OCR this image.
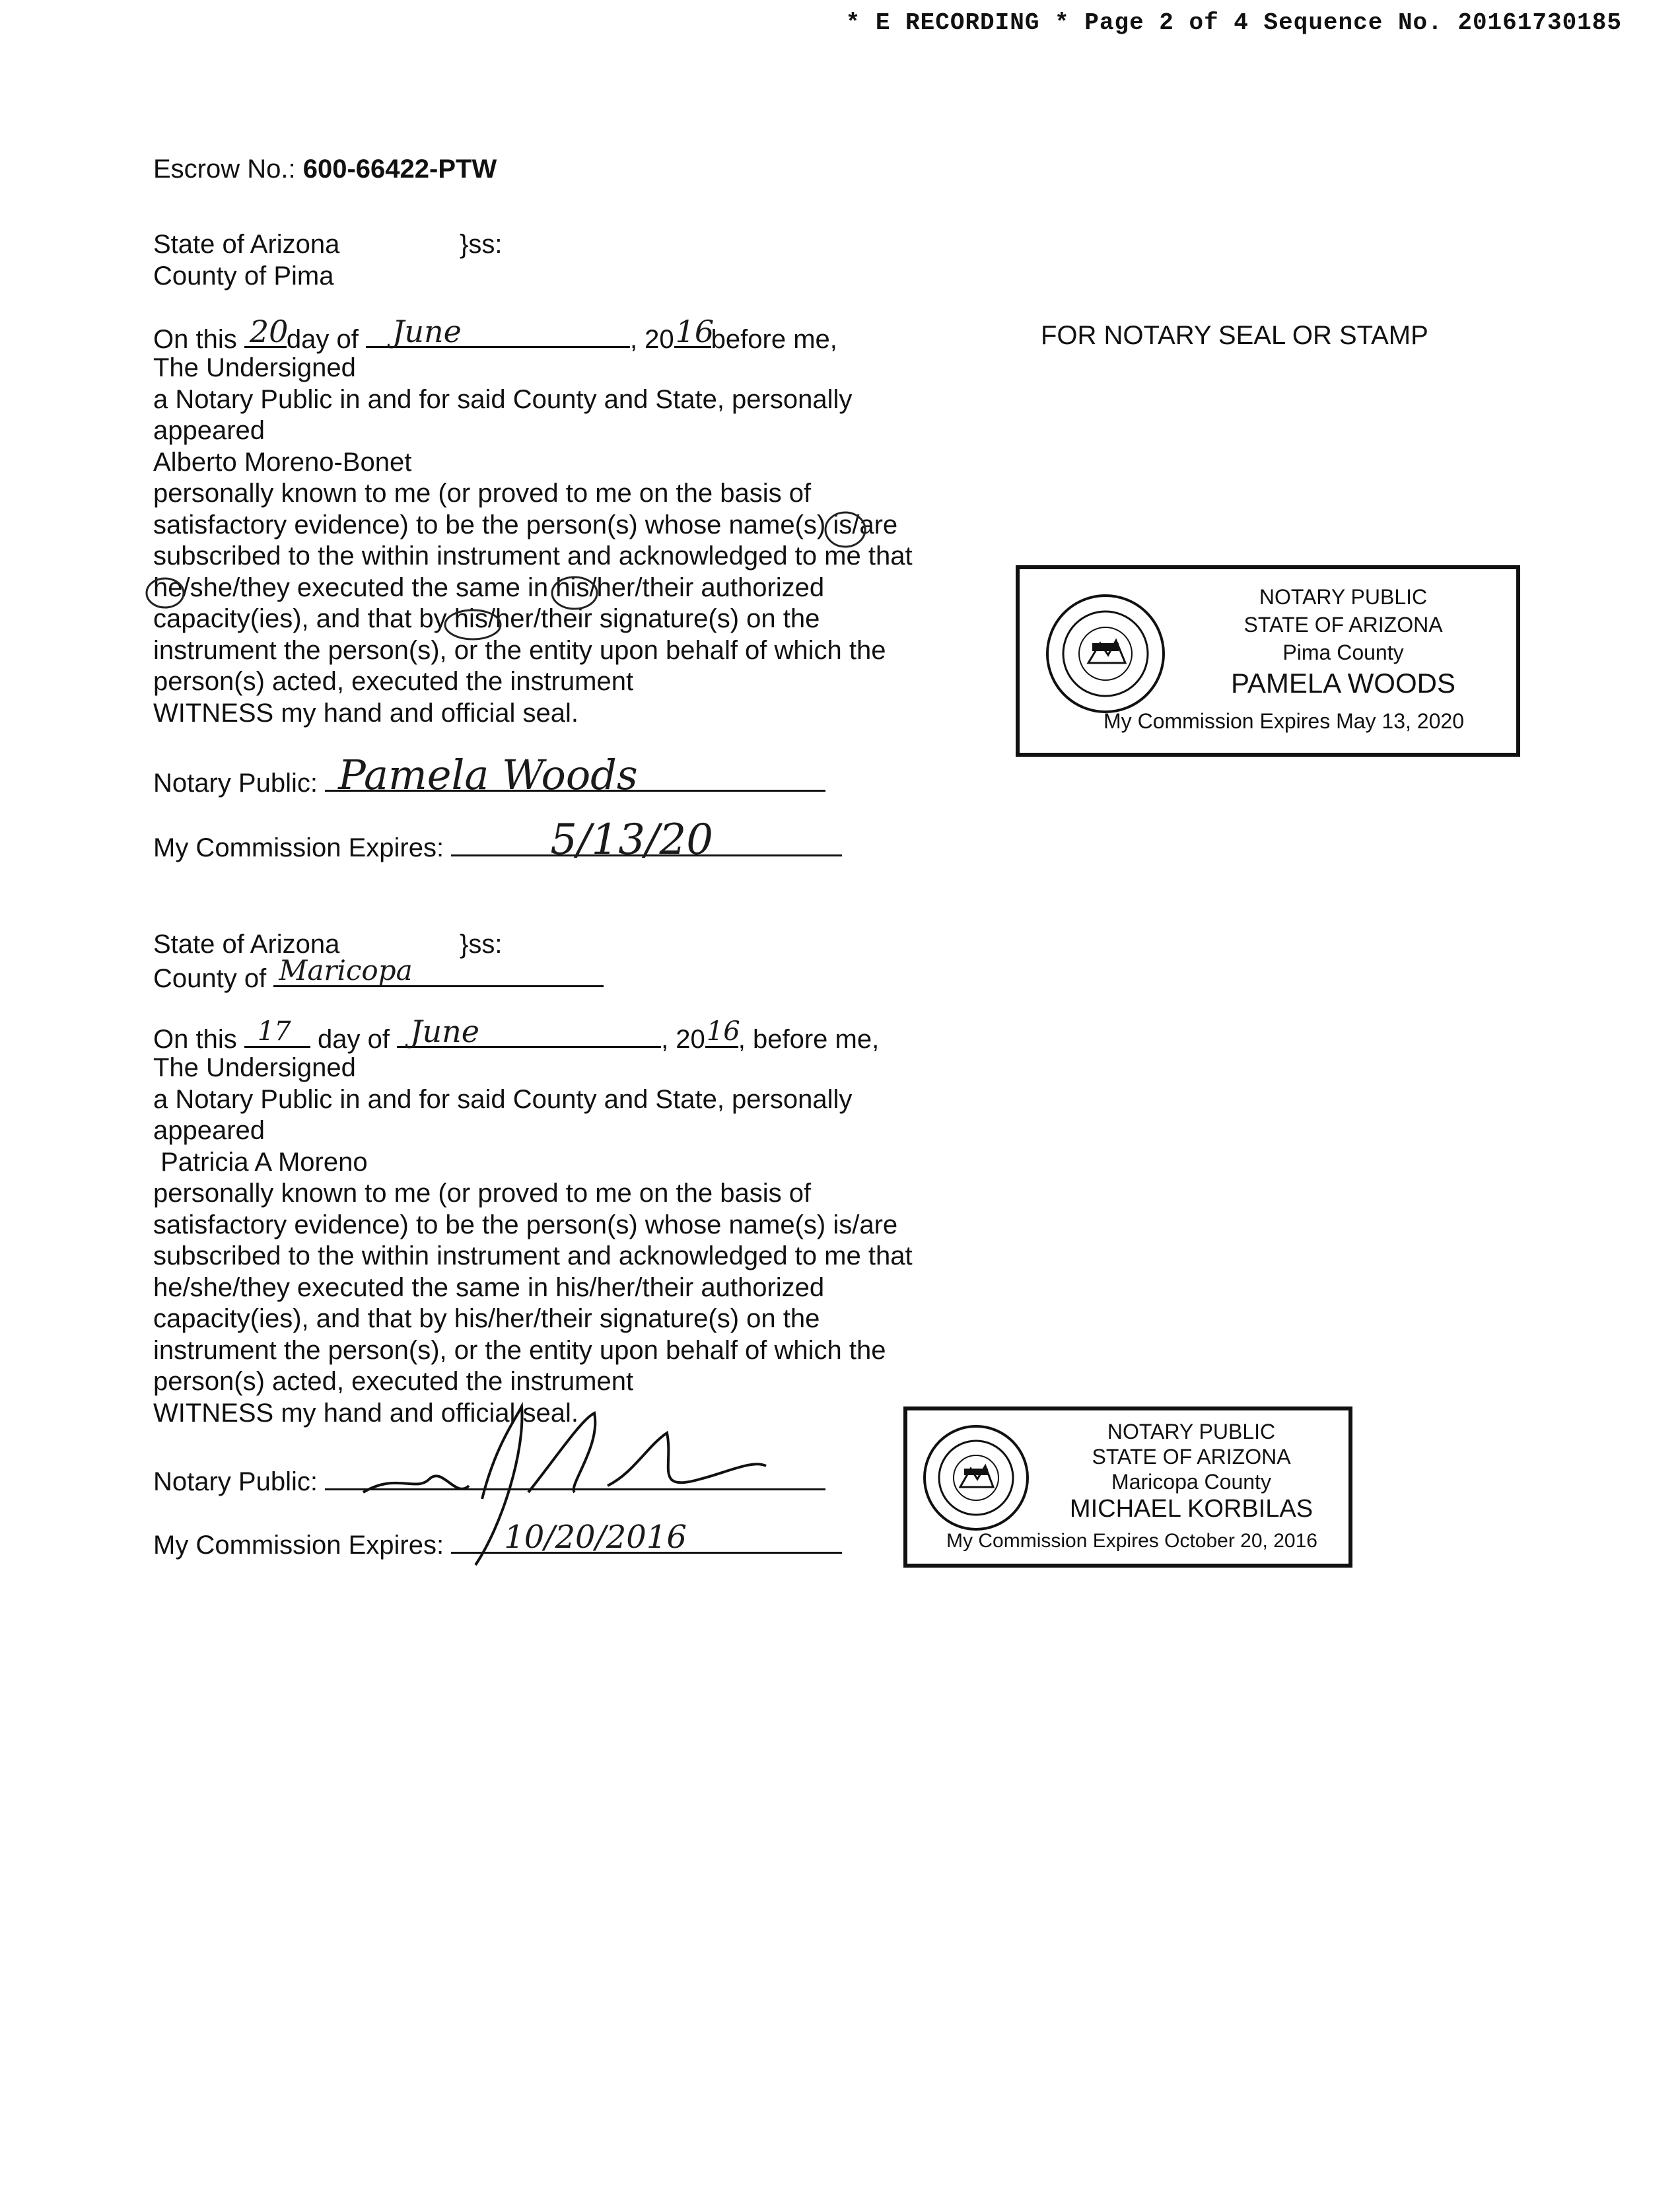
* E RECORDING * Page 2 of 4 Sequence No. 20161730185
Escrow No.: 600-66422-PTW
State of Arizona	}ss:
County of Pima
On this 20
day of June	, 20 16
before me,
The Undersigned
a Notary Public in and for said County and State, personally
appeared
Alberto Moreno-Bonet
personally known to me (or proved to me on the basis of
satisfactory evidence) to be the person(s) whose name(s) is/are
subscribed to the within instrument and acknowledged to me that
he/she/they executed the same in his/her/their authorized
capacity(ies), and that by his/her/their signature(s) on the
instrument the person(s), or the entity upon behalf of which the
person(s) acted, executed the instrument
WITNESS my hand and official seal.
Notary Public: Pamela Woods
My Commission Expires:	5/13/20
FOR NOTARY SEAL OR STAMP
NOTARY PUBLIC
STATE OF ARIZONA
Pima County
PAMELA WOODS
My Commission Expires May 13, 2020
State of Arizona	}ss:
County of Maricopa
On this 17 day of June	, 20 16
, before me,
The Undersigned
a Notary Public in and for said County and State, personally
appeared
Patricia A Moreno
personally known to me (or proved to me on the basis of
satisfactory evidence) to be the person(s) whose name(s) is/are
subscribed to the within instrument and acknowledged to me that
he/she/they executed the same in his/her/their authorized
capacity(ies), and that by his/her/their signature(s) on the
instrument the person(s), or the entity upon behalf of which the
person(s) acted, executed the instrument
WITNESS my hand and official seal.
Notary Public:
My Commission Expires: 10/20/2016
NOTARY PUBLIC
STATE OF ARIZONA
Maricopa County
MICHAEL KORBILAS
My Commission Expires October 20, 2016
